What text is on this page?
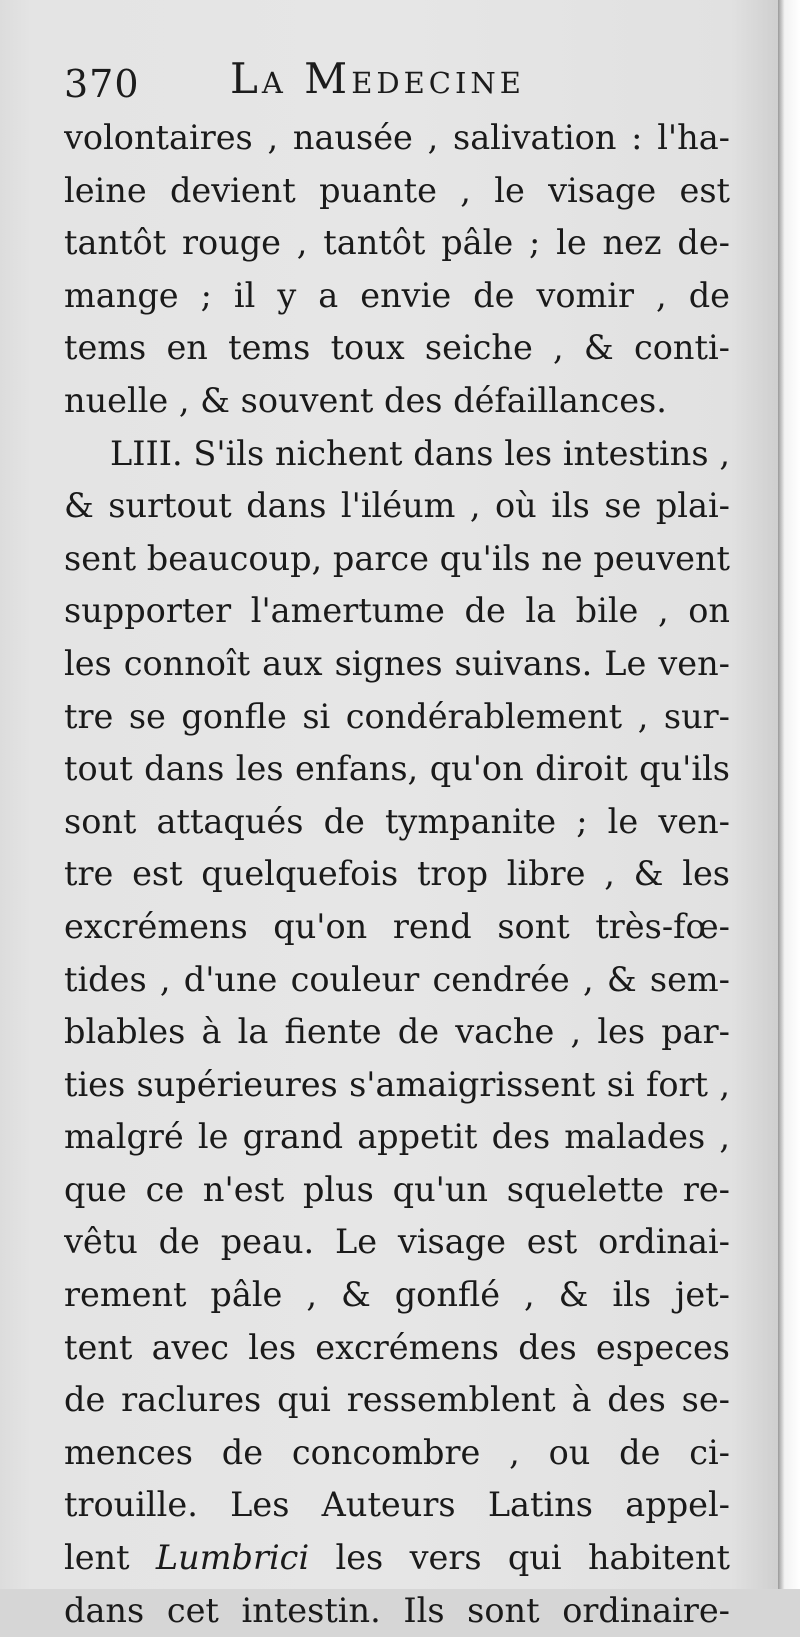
370 La Medecine
volontaires , nausée , salivation : l'ha-
leine devient puante , le visage est
tantôt rouge , tantôt pâle ; le nez de-
mange ; il y a envie de vomir , de
tems en tems toux seiche , & conti-
nuelle , & souvent des défaillances.
LIII. S'ils nichent dans les intestins ,
& surtout dans l'iléum , où ils se plai-
sent beaucoup, parce qu'ils ne peuvent
supporter l'amertume de la bile , on
les connoît aux signes suivans. Le ven-
tre se gonfle si condérablement , sur-
tout dans les enfans, qu'on diroit qu'ils
sont attaqués de tympanite ; le ven-
tre est quelquefois trop libre , & les
excrémens qu'on rend sont très-fœ-
tides , d'une couleur cendrée , & sem-
blables à la fiente de vache , les par-
ties supérieures s'amaigrissent si fort ,
malgré le grand appetit des malades ,
que ce n'est plus qu'un squelette re-
vêtu de peau. Le visage est ordinai-
rement pâle , & gonflé , & ils jet-
tent avec les excrémens des especes
de raclures qui ressemblent à des se-
mences de concombre , ou de ci-
trouille. Les Auteurs Latins appel-
lent Lumbrici les vers qui habitent
dans cet intestin. Ils sont ordinaire-
